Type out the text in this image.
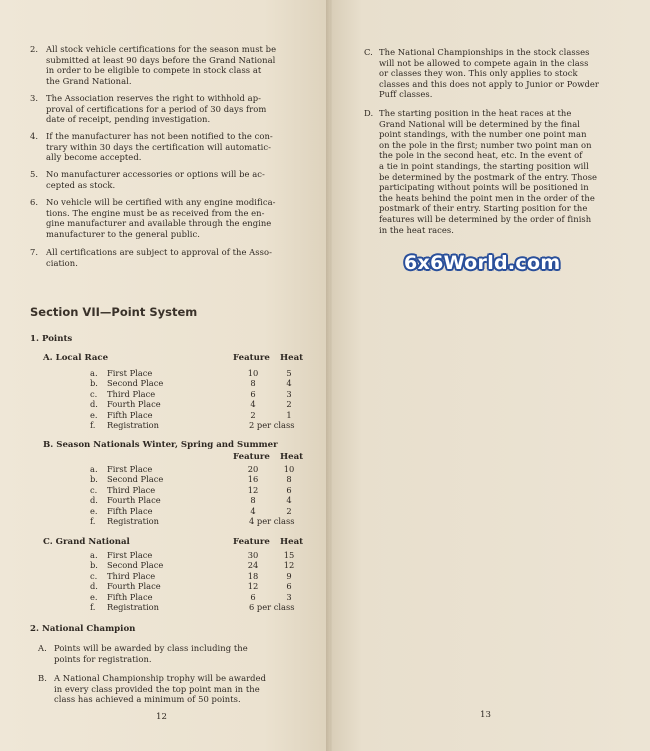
2. All stock vehicle certifications for the season must be
submitted at least 90 days before the Grand National
in order to be eligible to compete in stock class at
the Grand National.
3. The Association reserves the right to withhold ap-
proval of certifications for a period of 30 days from
date of receipt, pending investigation.
4. If the manufacturer has not been notified to the con-
trary within 30 days the certification will automatic-
ally become accepted.
5. No manufacturer accessories or options will be ac-
cepted as stock.
6. No vehicle will be certified with any engine modifica-
tions. The engine must be as received from the en-
gine manufacturer and available through the engine
manufacturer to the general public.
7. All certifications are subject to approval of the Asso-
ciation.
Section VII—Point System
1. Points
A. Local Race	Feature Heat
a. First Place	10	5
b. Second Place	8	4
c. Third Place	6	3
d. Fourth Place	4	2
e. Fifth Place	2	1
f. Registration	2 per class
B. Season Nationals Winter, Spring and Summer
Feature Heat
a. First Place	20	10
b. Second Place	16	8
c. Third Place	12	6
d. Fourth Place	8	4
e. Fifth Place	4	2
f. Registration	4 per class
C. Grand National	Feature Heat
a. First Place	30	15
b. Second Place	24	12
c. Third Place	18	9
d. Fourth Place	12	6
e. Fifth Place	6	3
f. Registration	6 per class
2. National Champion
A. Points will be awarded by class including the
points for registration.
B. A National Championship trophy will be awarded
in every class provided the top point man in the
class has achieved a minimum of 50 points.
12
C. The National Championships in the stock classes
will not be allowed to compete again in the class
or classes they won. This only applies to stock
classes and this does not apply to Junior or Powder
Puff classes.
D. The starting position in the heat races at the
Grand National will be determined by the final
point standings, with the number one point man
on the pole in the first; number two point man on
the pole in the second heat, etc. In the event of
a tie in point standings, the starting position will
be determined by the postmark of the entry. Those
participating without points will be positioned in
the heats behind the point men in the order of the
postmark of their entry. Starting position for the
features will be determined by the order of finish
in the heat races.
13
6x6World.com
